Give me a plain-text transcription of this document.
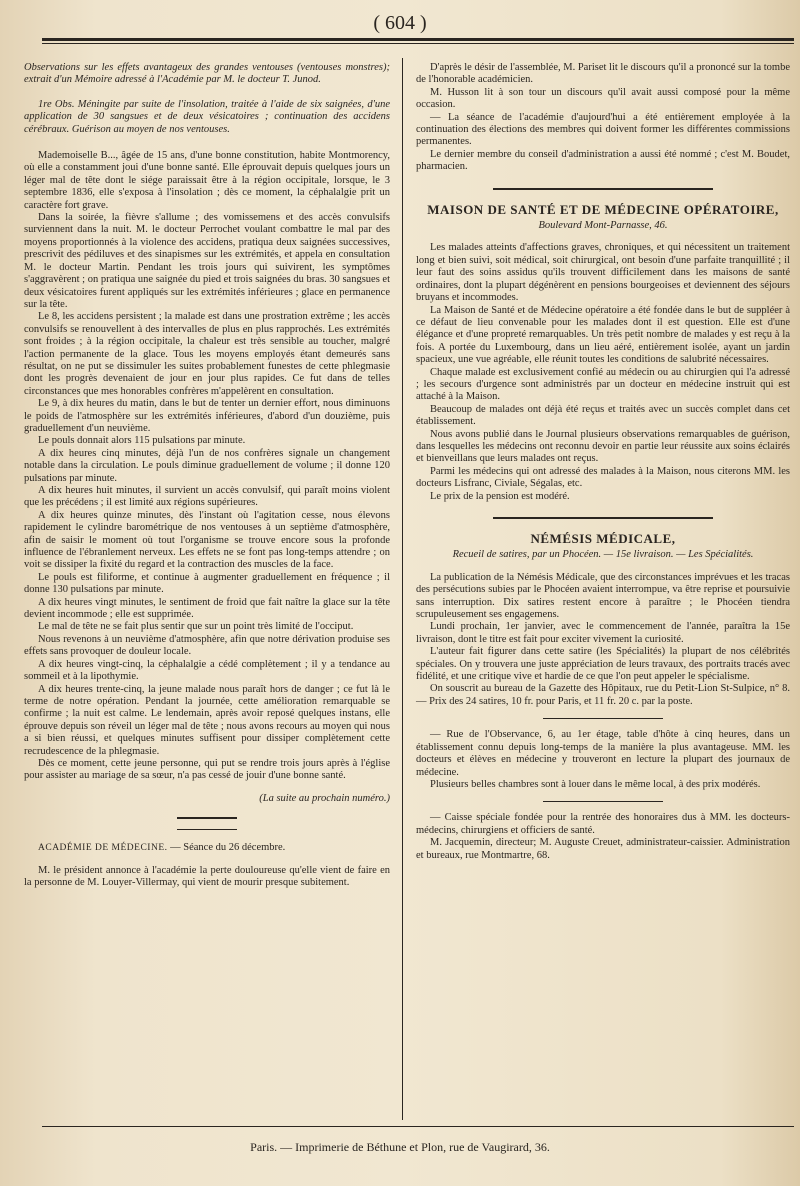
( 604 )

Observations sur les effets avantageux des grandes ventouses (ventouses monstres); extrait d'un Mémoire adressé à l'Académie par M. le docteur T. Junod.

1re Obs. Méningite par suite de l'insolation, traitée à l'aide de six saignées, d'une application de 30 sangsues et de deux vésicatoires ; continuation des accidens cérébraux. Guérison au moyen de nos ventouses.

Mademoiselle B..., âgée de 15 ans, d'une bonne constitution, habite Montmorency, où elle a constamment joui d'une bonne santé. Elle éprouvait depuis quelques jours un léger mal de tête dont le siége paraissait être à la région occipitale, lorsque, le 3 septembre 1836, elle s'exposa à l'insolation ; dès ce moment, la céphalalgie prit un caractère fort grave.

Dans la soirée, la fièvre s'allume ; des vomissemens et des accès convulsifs surviennent dans la nuit. M. le docteur Perrochet voulant combattre le mal par des moyens proportionnés à la violence des accidens, pratiqua deux saignées successives, prescrivit des pédiluves et des sinapismes sur les extrémités, et appela en consultation M. le docteur Martin. Pendant les trois jours qui suivirent, les symptômes s'aggravèrent ; on pratiqua une saignée du pied et trois saignées du bras. 30 sangsues et deux vésicatoires furent appliqués sur les extrémités inférieures ; glace en permanence sur la tête.

Le 8, les accidens persistent ; la malade est dans une prostration extrême ; les accès convulsifs se renouvellent à des intervalles de plus en plus rapprochés. Les extrémités sont froides ; à la région occipitale, la chaleur est très sensible au toucher, malgré l'action permanente de la glace. Tous les moyens employés étant demeurés sans résultat, on ne put se dissimuler les suites probablement funestes de cette phlegmasie dont les progrès devenaient de jour en jour plus rapides. Ce fut dans de telles circonstances que mes honorables confrères m'appelèrent en consultation.

Le 9, à dix heures du matin, dans le but de tenter un dernier effort, nous diminuons le poids de l'atmosphère sur les extrémités inférieures, d'abord d'un douzième, puis graduellement d'un neuvième.

Le pouls donnait alors 115 pulsations par minute.

A dix heures cinq minutes, déjà l'un de nos confrères signale un changement notable dans la circulation. Le pouls diminue graduellement de volume ; il donne 120 pulsations par minute.

A dix heures huit minutes, il survient un accès convulsif, qui paraît moins violent que les précédens ; il est limité aux régions supérieures.

A dix heures quinze minutes, dès l'instant où l'agitation cesse, nous élevons rapidement le cylindre barométrique de nos ventouses à un septième d'atmosphère, afin de saisir le moment où tout l'organisme se trouve encore sous la profonde influence de l'ébranlement nerveux. Les effets ne se font pas long-temps attendre ; on voit se dissiper la fixité du regard et la contraction des muscles de la face.

Le pouls est filiforme, et continue à augmenter graduellement en fréquence ; il donne 130 pulsations par minute.

A dix heures vingt minutes, le sentiment de froid que fait naître la glace sur la tête devient incommode ; elle est supprimée.

Le mal de tête ne se fait plus sentir que sur un point très limité de l'occiput.

Nous revenons à un neuvième d'atmosphère, afin que notre dérivation produise ses effets sans provoquer de douleur locale.

A dix heures vingt-cinq, la céphalalgie a cédé complètement ; il y a tendance au sommeil et à la lipothymie.

A dix heures trente-cinq, la jeune malade nous paraît hors de danger ; ce fut là le terme de notre opération. Pendant la journée, cette amélioration remarquable se confirme ; la nuit est calme. Le lendemain, après avoir reposé quelques instans, elle éprouve depuis son réveil un léger mal de tête ; nous avons recours au moyen qui nous a si bien réussi, et quelques minutes suffisent pour dissiper complètement cette recrudescence de la phlegmasie.

Dès ce moment, cette jeune personne, qui put se rendre trois jours après à l'église pour assister au mariage de sa sœur, n'a pas cessé de jouir d'une bonne santé.

(La suite au prochain numéro.)

ACADÉMIE DE MÉDECINE. — Séance du 26 décembre.

M. le président annonce à l'académie la perte douloureuse qu'elle vient de faire en la personne de M. Louyer-Villermay, qui vient de mourir presque subitement.

D'après le désir de l'assemblée, M. Pariset lit le discours qu'il a prononcé sur la tombe de l'honorable académicien.

M. Husson lit à son tour un discours qu'il avait aussi composé pour la même occasion.

— La séance de l'académie d'aujourd'hui a été entièrement employée à la continuation des élections des membres qui doivent former les différentes commissions permanentes.

Le dernier membre du conseil d'administration a aussi été nommé ; c'est M. Boudet, pharmacien.

MAISON DE SANTÉ ET DE MÉDECINE OPÉRATOIRE,

Boulevard Mont-Parnasse, 46.

Les malades atteints d'affections graves, chroniques, et qui nécessitent un traitement long et bien suivi, soit médical, soit chirurgical, ont besoin d'une parfaite tranquillité ; il leur faut des soins assidus qu'ils trouvent difficilement dans les maisons de santé ordinaires, dont la plupart dégénèrent en pensions bourgeoises et deviennent des séjours bruyans et incommodes.

La Maison de Santé et de Médecine opératoire a été fondée dans le but de suppléer à ce défaut de lieu convenable pour les malades dont il est question. Elle est d'une élégance et d'une propreté remarquables. Un très petit nombre de malades y est reçu à la fois. A portée du Luxembourg, dans un lieu aéré, entièrement isolée, ayant un jardin spacieux, une vue agréable, elle réunit toutes les conditions de salubrité nécessaires.

Chaque malade est exclusivement confié au médecin ou au chirurgien qui l'a adressé ; les secours d'urgence sont administrés par un docteur en médecine instruit qui est attaché à la Maison.

Beaucoup de malades ont déjà été reçus et traités avec un succès complet dans cet établissement.

Nous avons publié dans le Journal plusieurs observations remarquables de guérison, dans lesquelles les médecins ont reconnu devoir en partie leur réussite aux soins éclairés et bienveillans que leurs malades ont reçus.

Parmi les médecins qui ont adressé des malades à la Maison, nous citerons MM. les docteurs Lisfranc, Civiale, Ségalas, etc.

Le prix de la pension est modéré.

NÉMÉSIS MÉDICALE,

Recueil de satires, par un Phocéen. — 15e livraison. — Les Spécialités.

La publication de la Némésis Médicale, que des circonstances imprévues et les tracas des persécutions subies par le Phocéen avaient interrompue, va être reprise et poursuivie sans interruption. Dix satires restent encore à paraître ; le Phocéen tiendra scrupuleusement ses engagemens.

Lundi prochain, 1er janvier, avec le commencement de l'année, paraîtra la 15e livraison, dont le titre est fait pour exciter vivement la curiosité.

L'auteur fait figurer dans cette satire (les Spécialités) la plupart de nos célébrités spéciales. On y trouvera une juste appréciation de leurs travaux, des portraits tracés avec fidélité, et une critique vive et hardie de ce que l'on peut appeler le spécialisme.

On souscrit au bureau de la Gazette des Hôpitaux, rue du Petit-Lion St-Sulpice, n° 8. — Prix des 24 satires, 10 fr. pour Paris, et 11 fr. 20 c. par la poste.

— Rue de l'Observance, 6, au 1er étage, table d'hôte à cinq heures, dans un établissement connu depuis long-temps de la manière la plus avantageuse. MM. les docteurs et élèves en médecine y trouveront en lecture la plupart des journaux de médecine.

Plusieurs belles chambres sont à louer dans le même local, à des prix modérés.

— Caisse spéciale fondée pour la rentrée des honoraires dus à MM. les docteurs-médecins, chirurgiens et officiers de santé.

M. Jacquemin, directeur; M. Auguste Creuet, administrateur-caissier. Administration et bureaux, rue Montmartre, 68.

Paris. — Imprimerie de Béthune et Plon, rue de Vaugirard, 36.
